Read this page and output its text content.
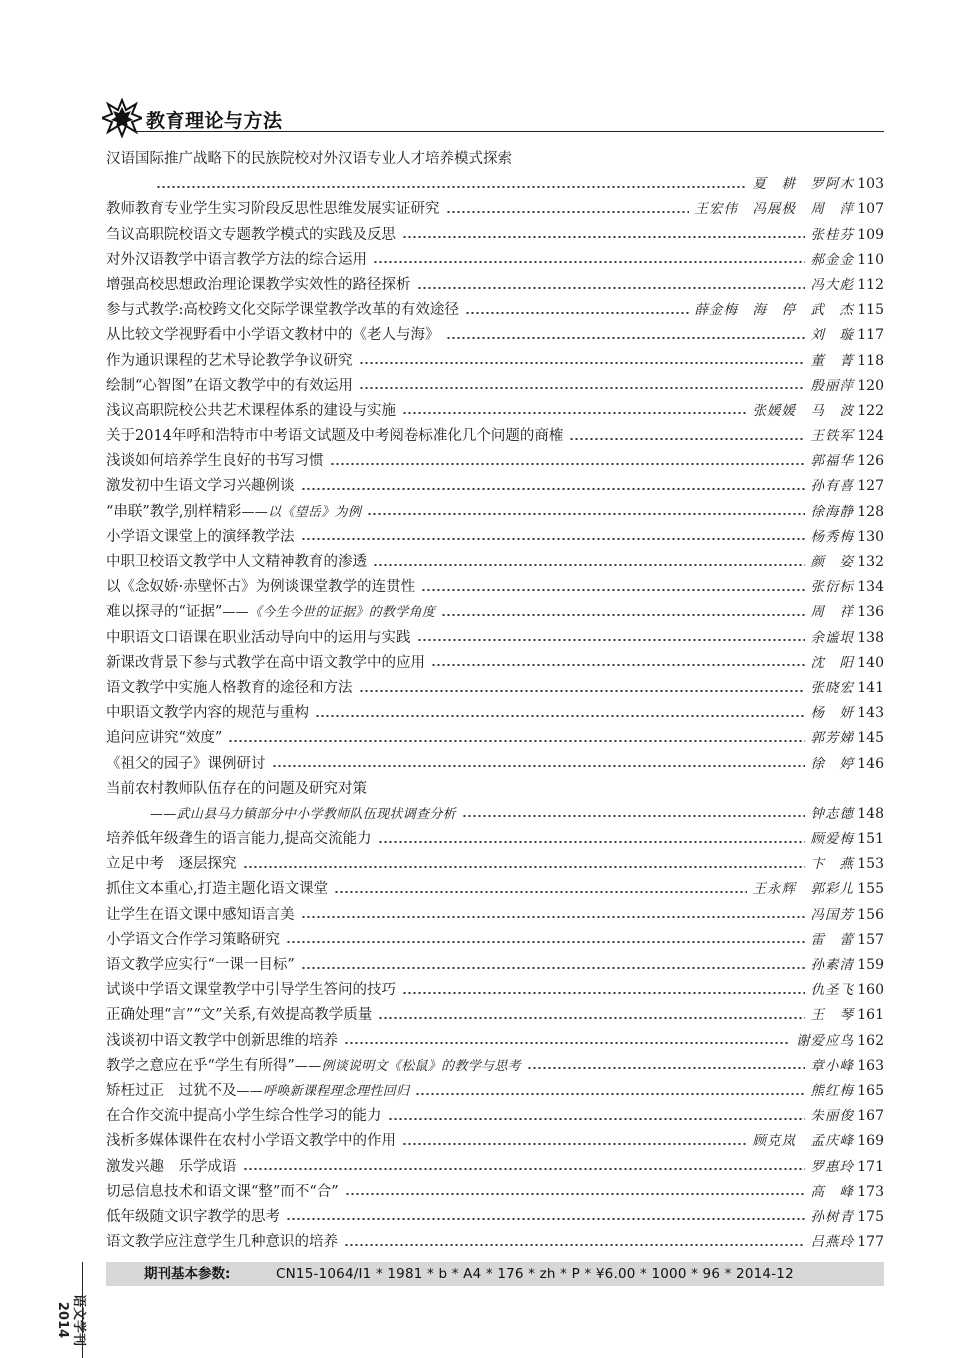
教育理论与方法
汉语国际推广战略下的民族院校对外汉语专业人才培养模式探索
夏　耕　罗阿木 103
教师教育专业学生实习阶段反思性思维发展实证研究	王宏伟　冯展极　周　萍 107
刍议高职院校语文专题教学模式的实践及反思	张桂芬 109
对外汉语教学中语言教学方法的综合运用	郝金金 110
增强高校思想政治理论课教学实效性的路径探析	冯大彪 112
参与式教学:高校跨文化交际学课堂教学改革的有效途径	薛金梅　海　停　武　杰 115
从比较文学视野看中小学语文教材中的《老人与海》	刘　璇 117
作为通识课程的艺术导论教学争议研究	董　菁 118
绘制“心智图”在语文教学中的有效运用	殷丽萍 120
浅议高职院校公共艺术课程体系的建设与实施	张媛媛　马　波 122
关于2014年呼和浩特市中考语文试题及中考阅卷标准化几个问题的商榷	王铁军 124
浅谈如何培养学生良好的书写习惯	郭福华 126
激发初中生语文学习兴趣例谈	孙有喜 127
“串联”教学,别样精彩——以《望岳》为例	徐海静 128
小学语文课堂上的演绎教学法	杨秀梅 130
中职卫校语文教学中人文精神教育的渗透	颜　姿 132
以《念奴娇·赤壁怀古》为例谈课堂教学的连贯性	张衍标 134
难以探寻的“证据”——《今生今世的证据》的教学角度	周　祥 136
中职语文口语课在职业活动导向中的运用与实践	余谧垠 138
新课改背景下参与式教学在高中语文教学中的应用	沈　阳 140
语文教学中实施人格教育的途径和方法	张晓宏 141
中职语文教学内容的规范与重构	杨　妍 143
追问应讲究“效度”	郭芳娣 145
《祖父的园子》课例研讨	徐　婷 146
当前农村教师队伍存在的问题及研究对策
——武山县马力镇部分中小学教师队伍现状调查分析	钟志德 148
培养低年级聋生的语言能力,提高交流能力	顾爱梅 151
立足中考　逐层探究	卞　燕 153
抓住文本重心,打造主题化语文课堂	王永辉　郭彩儿 155
让学生在语文课中感知语言美	冯国芳 156
小学语文合作学习策略研究	雷　蕾 157
语文教学应实行“一课一目标”	孙素清 159
试谈中学语文课堂教学中引导学生答问的技巧	仇圣飞 160
正确处理“言”“文”关系,有效提高教学质量	王　琴 161
浅谈初中语文教学中创新思维的培养	谢爱应鸟 162
教学之意应在乎“学生有所得”——例谈说明文《松鼠》的教学与思考	章小峰 163
矫枉过正　过犹不及——呼唤新课程理念理性回归	熊红梅 165
在合作交流中提高小学生综合性学习的能力	朱丽俊 167
浅析多媒体课件在农村小学语文教学中的作用	顾克岚　孟庆峰 169
激发兴趣　乐学成语	罗惠玲 171
切忌信息技术和语文课“整”而不“合”	高　峰 173
低年级随文识字教学的思考	孙树青 175
语文教学应注意学生几种意识的培养	吕燕玲 177
期刊基本参数:	CN15-1064/I1 * 1981 * b * A4 * 176 * zh * P * ¥6.00 * 1000 * 96 * 2014-12
语文学刊
2014
